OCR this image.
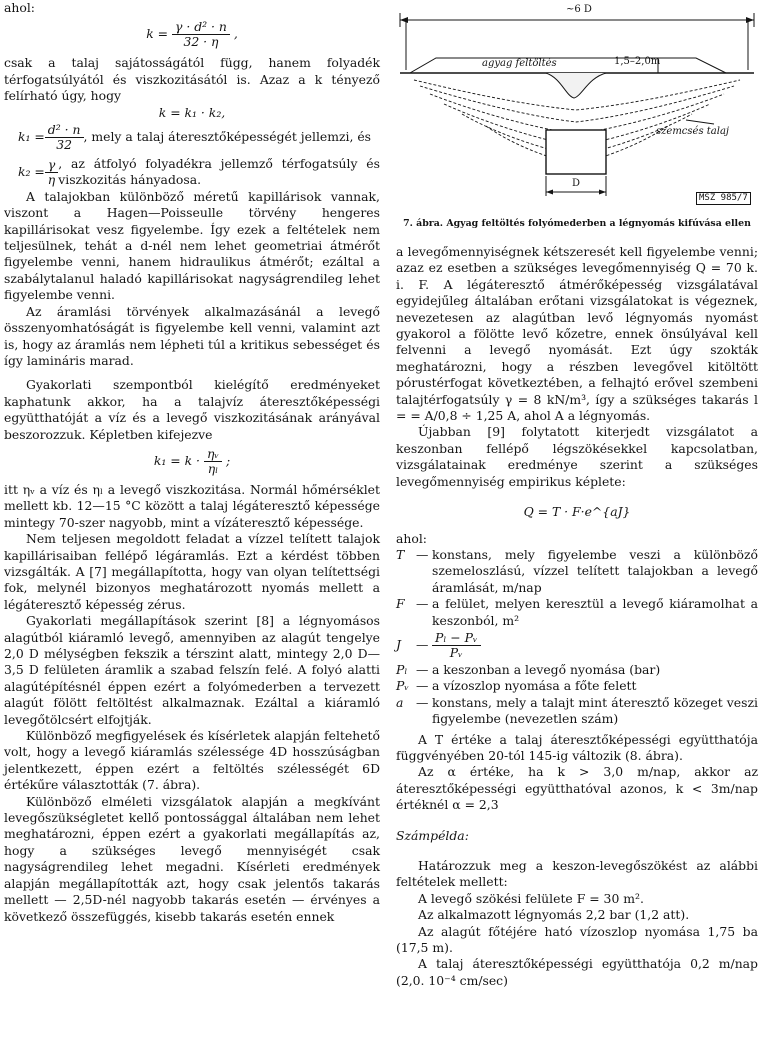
ahol:

$k = \frac{\text{γ · d² · n}}{32 \cdot \eta}$ ,

csak a talaj sajátosságától függ, hanem folyadék térfogatsúlyától és viszkozitásától is. Azaz a k tényező felírható úgy, hogy

k = k₁ · k₂,
$k_1 = \frac{\text{d² · n}}{32}$ , mely a talaj áteresztőképességét jellemzi, és
$k_2 = \frac{\gamma}{\eta}$ , az átfolyó folyadékra jellemző térfogatsúly és viszkozitás hányadosa.

A talajokban különböző méretű kapillárisok vannak, viszont a Hagen—Poisseulle törvény hengeres kapillárisokat vesz figyelembe. Így ezek a feltételek nem teljesülnek, tehát a d-nél nem lehet geometriai átmérőt figyelembe venni, hanem hidraulikus átmérőt; ezáltal a szabálytalanul haladó kapillárisokat nagyságrendileg lehet figyelembe venni.

Az áramlási törvények alkalmazásánál a levegő összenyomhatóságát is figyelembe kell venni, valamint azt is, hogy az áramlás nem lépheti túl a kritikus sebességet és így lamináris marad.

Gyakorlati szempontból kielégítő eredményeket kaphatunk akkor, ha a talajvíz áteresztőképességi együtthatóját a víz és a levegő viszkozitásának arányával beszorozzuk. Képletben kifejezve

$k_1 = k \cdot \frac{\text{ηᵥ}}{\text{ηₗ}}$ ;

itt ηᵥ a víz és ηₗ a levegő viszkozitása. Normál hőmérséklet mellett kb. 12—15 °C között a talaj légáteresztő képessége mintegy 70-szer nagyobb, mint a vízáteresztő képessége.

Nem teljesen megoldott feladat a vízzel telített talajok kapillárisaiban fellépő légáramlás. Ezt a kérdést többen vizsgálták. A [7] megállapította, hogy van olyan telítettségi fok, melynél bizonyos meghatározott nyomás mellett a légáteresztő képesség zérus.

Gyakorlati megállapítások szerint [8] a légnyomásos alagútból kiáramló levegő, amennyiben az alagút tengelye 2,0 D mélységben fekszik a térszint alatt, mintegy 2,0 D—3,5 D felületen áramlik a szabad felszín felé. A folyó alatti alagútépítésnél éppen ezért a folyómederben a tervezett alagút fölött feltöltést alkalmaznak. Ezáltal a kiáramló levegőtölcsért elfojtják.

Különböző megfigyelések és kísérletek alapján feltehető volt, hogy a levegő kiáramlás szélessége 4D hosszúságban jelentkezett, éppen ezért a feltöltés szélességét 6D értékűre választották (7. ábra).

Különböző elméleti vizsgálatok alapján a megkívánt levegőszükségletet kellő pontossággal általában nem lehet meghatározni, éppen ezért a gyakorlati megállapítás az, hogy a szükséges levegő mennyiségét csak nagyságrendileg lehet megadni. Kísérleti eredmények alapján megállapították azt, hogy csak jelentős takarás mellett — 2,5D-nél nagyobb takarás esetén — érvényes a következő összefüggés, kisebb takarás esetén ennek

~6 D
agyag feltöltés	1,5–2,0m
szemcsés talaj
D
MSZ 985/7
7. ábra. Agyag feltöltés folyómederben a légnyomás kifúvása ellen

a levegőmennyiségnek kétszeresét kell figyelembe venni; azaz ez esetben a szükséges levegőmennyiség Q = 70 k. i. F. A légáteresztő átmérőképesség vizsgálatával egyidejűleg általában erőtani vizsgálatokat is végeznek, nevezetesen az alagútban levő légnyomás nyomást gyakorol a fölötte levő kőzetre, ennek önsúlyával kell felvenni a levegő nyomását. Ezt úgy szokták meghatározni, hogy a részben levegővel kitöltött pórustérfogat következtében, a felhajtó erővel szembeni talajtérfogatsúly γ = 8 kN/m³, így a szükséges takarás l = = A/0,8 ÷ 1,25 A, ahol A a légnyomás.

Újabban [9] folytatott kiterjedt vizsgálatot a keszonban fellépő légszökésekkel kapcsolatban, vizsgálatainak eredménye szerint a szükséges levegőmennyiség empirikus képlete:

Q = T · F·e^{aJ}

ahol:

T — konstans, mely figyelembe veszi a különböző szemeloszlású, vízzel telített talajokban a levegő áramlását, m/nap
F — a felület, melyen keresztül a levegő kiáramolhat a keszonból, m²
J	— $\frac{\text{Pₗ − Pᵥ}}{\text{Pᵥ}}$
Pₗ — a keszonban a levegő nyomása (bar)
Pᵥ — a vízoszlop nyomása a főte felett
a	— konstans, mely a talajt mint áteresztő közeget veszi figyelembe (nevezetlen szám)

A T értéke a talaj áteresztőképességi együtthatója függvényében 20-tól 145-ig változik (8. ábra).

Az α értéke, ha k > 3,0 m/nap, akkor az áteresztőképességi együtthatóval azonos, k < 3m/nap értéknél α = 2,3

Számpélda:

Határozzuk meg a keszon-levegőszökést az alábbi feltételek mellett:

A levegő szökési felülete F = 30 m².

Az alkalmazott légnyomás 2,2 bar (1,2 att).

Az alagút főtéjére ható vízoszlop nyomása 1,75 ba (17,5 m).

A talaj áteresztőképességi együtthatója 0,2 m/nap (2,0. 10⁻⁴ cm/sec)
